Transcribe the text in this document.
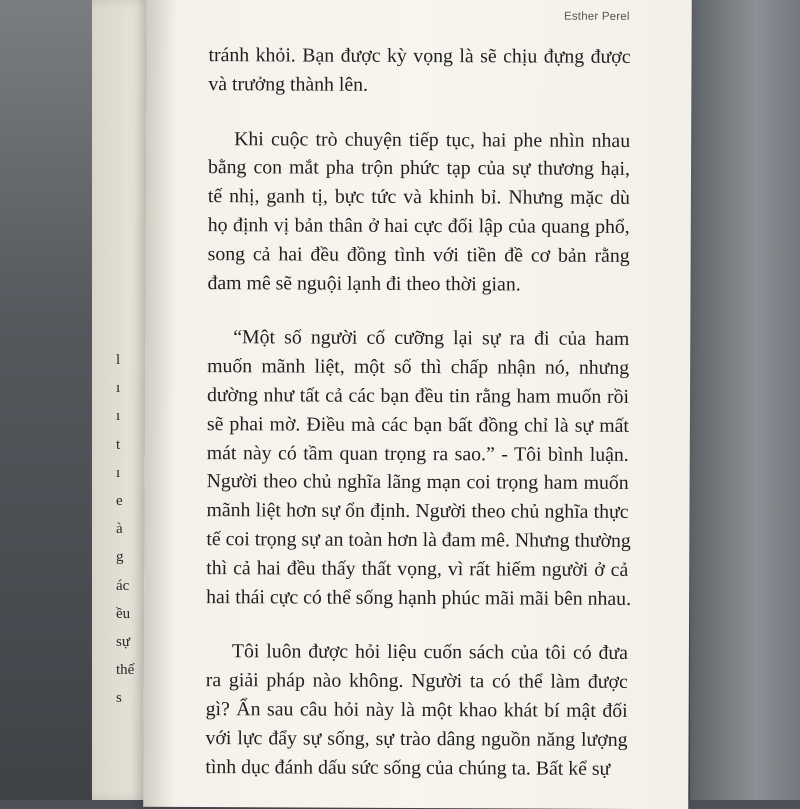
l
ı
ı
t
ı
e
à
g
ác
ều
sự
thế
s
Esther Perel
tránh khỏi. Bạn được kỳ vọng là sẽ chịu đựng được
và trưởng thành lên.
Khi cuộc trò chuyện tiếp tục, hai phe nhìn nhau
bằng con mắt pha trộn phức tạp của sự thương hại,
tế nhị, ganh tị, bực tức và khinh bỉ. Nhưng mặc dù
họ định vị bản thân ở hai cực đối lập của quang phổ,
song cả hai đều đồng tình với tiền đề cơ bản rằng
đam mê sẽ nguội lạnh đi theo thời gian.
“Một số người cố cưỡng lại sự ra đi của ham
muốn mãnh liệt, một số thì chấp nhận nó, nhưng
dường như tất cả các bạn đều tin rằng ham muốn rồi
sẽ phai mờ. Điều mà các bạn bất đồng chỉ là sự mất
mát này có tầm quan trọng ra sao.” - Tôi bình luận.
Người theo chủ nghĩa lãng mạn coi trọng ham muốn
mãnh liệt hơn sự ổn định. Người theo chủ nghĩa thực
tế coi trọng sự an toàn hơn là đam mê. Nhưng thường
thì cả hai đều thấy thất vọng, vì rất hiếm người ở cả
hai thái cực có thể sống hạnh phúc mãi mãi bên nhau.
Tôi luôn được hỏi liệu cuốn sách của tôi có đưa
ra giải pháp nào không. Người ta có thể làm được
gì? Ẩn sau câu hỏi này là một khao khát bí mật đối
với lực đẩy sự sống, sự trào dâng nguồn năng lượng
tình dục đánh dấu sức sống của chúng ta. Bất kể sự
